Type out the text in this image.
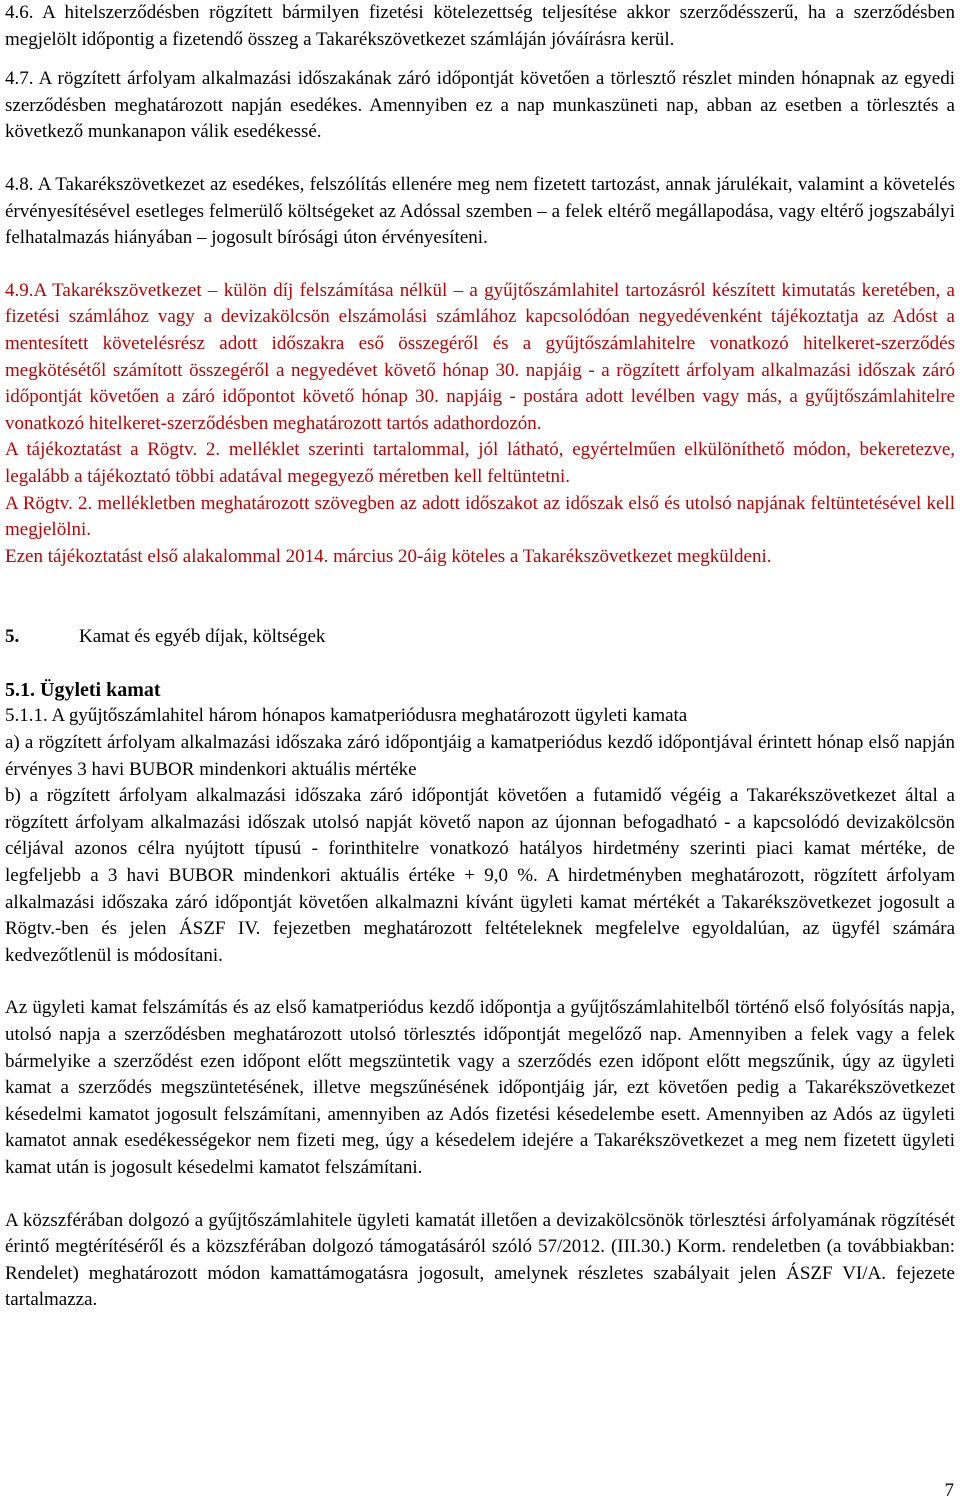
4.6. A hitelszerződésben rögzített bármilyen fizetési kötelezettség teljesítése akkor szerződésszerű, ha a szerződésben megjelölt időpontig a fizetendő összeg a Takarékszövetkezet számláján jóváírásra kerül.

4.7. A rögzített árfolyam alkalmazási időszakának záró időpontját követően a törlesztő részlet minden hónapnak az egyedi szerződésben meghatározott napján esedékes. Amennyiben ez a nap munkaszüneti nap, abban az esetben a törlesztés a következő munkanapon válik esedékessé.

4.8. A Takarékszövetkezet az esedékes, felszólítás ellenére meg nem fizetett tartozást, annak járulékait, valamint a követelés érvényesítésével esetleges felmerülő költségeket az Adóssal szemben – a felek eltérő megállapodása, vagy eltérő jogszabályi felhatalmazás hiányában – jogosult bírósági úton érvényesíteni.

4.9.A Takarékszövetkezet – külön díj felszámítása nélkül – a gyűjtőszámlahitel tartozásról készített kimutatás keretében, a fizetési számlához vagy a devizakölcsön elszámolási számlához kapcsolódóan negyedévenként tájékoztatja az Adóst a mentesített követelésrész adott időszakra eső összegéről és a gyűjtőszámlahitelre vonatkozó hitelkeret-szerződés megkötésétől számított összegéről a negyedévet követő hónap 30. napjáig - a rögzített árfolyam alkalmazási időszak záró időpontját követően a záró időpontot követő hónap 30. napjáig - postára adott levélben vagy más, a gyűjtőszámlahitelre vonatkozó hitelkeret-szerződésben meghatározott tartós adathordozón.

A tájékoztatást a Rögtv. 2. melléklet szerinti tartalommal, jól látható, egyértelműen elkülöníthető módon, bekeretezve, legalább a tájékoztató többi adatával megegyező méretben kell feltüntetni.

A Rögtv. 2. mellékletben meghatározott szövegben az adott időszakot az időszak első és utolsó napjának feltüntetésével kell megjelölni.

Ezen tájékoztatást első alakalommal 2014. március 20-áig köteles a Takarékszövetkezet megküldeni.

5.	Kamat és egyéb díjak, költségek
5.1. Ügyleti kamat

5.1.1. A gyűjtőszámlahitel három hónapos kamatperiódusra meghatározott ügyleti kamata

a) a rögzített árfolyam alkalmazási időszaka záró időpontjáig a kamatperiódus kezdő időpontjával érintett hónap első napján érvényes 3 havi BUBOR mindenkori aktuális mértéke

b) a rögzített árfolyam alkalmazási időszaka záró időpontját követően a futamidő végéig a Takarékszövetkezet által a rögzített árfolyam alkalmazási időszak utolsó napját követő napon az újonnan befogadható - a kapcsolódó devizakölcsön céljával azonos célra nyújtott típusú - forinthitelre vonatkozó hatályos hirdetmény szerinti piaci kamat mértéke, de legfeljebb a 3 havi BUBOR mindenkori aktuális értéke + 9,0 %. A hirdetményben meghatározott, rögzített árfolyam alkalmazási időszaka záró időpontját követően alkalmazni kívánt ügyleti kamat mértékét a Takarékszövetkezet jogosult a Rögtv.-ben és jelen ÁSZF IV. fejezetben meghatározott feltételeknek megfelelve egyoldalúan, az ügyfél számára kedvezőtlenül is módosítani.

Az ügyleti kamat felszámítás és az első kamatperiódus kezdő időpontja a gyűjtőszámlahitelből történő első folyósítás napja, utolsó napja a szerződésben meghatározott utolsó törlesztés időpontját megelőző nap. Amennyiben a felek vagy a felek bármelyike a szerződést ezen időpont előtt megszüntetik vagy a szerződés ezen időpont előtt megszűnik, úgy az ügyleti kamat a szerződés megszüntetésének, illetve megszűnésének időpontjáig jár, ezt követően pedig a Takarékszövetkezet késedelmi kamatot jogosult felszámítani, amennyiben az Adós fizetési késedelembe esett. Amennyiben az Adós az ügyleti kamatot annak esedékességekor nem fizeti meg, úgy a késedelem idejére a Takarékszövetkezet a meg nem fizetett ügyleti kamat után is jogosult késedelmi kamatot felszámítani.

A közszférában dolgozó a gyűjtőszámlahitele ügyleti kamatát illetően a devizakölcsönök törlesztési árfolyamának rögzítését érintő megtérítéséről és a közszférában dolgozó támogatásáról szóló 57/2012. (III.30.) Korm. rendeletben (a továbbiakban: Rendelet) meghatározott módon kamattámogatásra jogosult, amelynek részletes szabályait jelen ÁSZF VI/A. fejezete tartalmazza.

7
